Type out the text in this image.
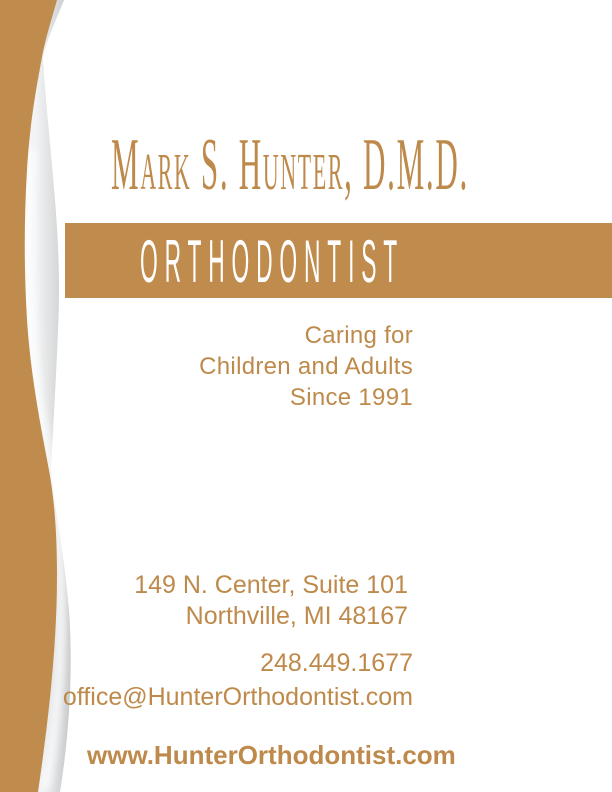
Mark S. Hunter, D.M.D.
ORTHODONTIST
Caring for
Children and Adults
Since 1991
149 N. Center, Suite 101
Northville, MI 48167
248.449.1677
office@HunterOrthodontist.com
www.HunterOrthodontist.com
